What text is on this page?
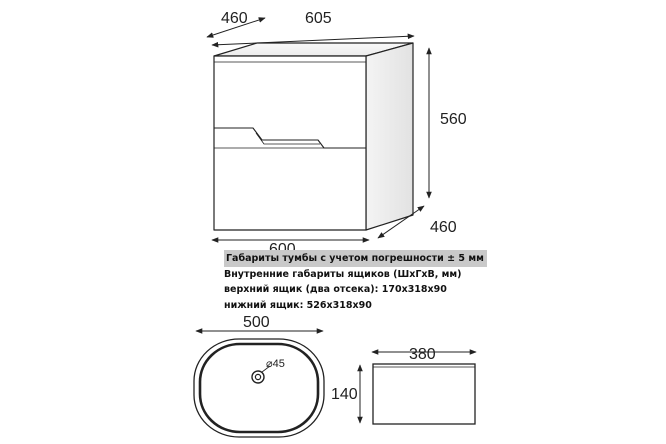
460	605
560
460
500
⌀45
380
140
Габариты тумбы с учетом погрешности ± 5 мм
Внутренние габариты ящиков (ШхГхВ, мм)
верхний ящик (два отсека): 170х318х90
нижний ящик: 526х318х90
